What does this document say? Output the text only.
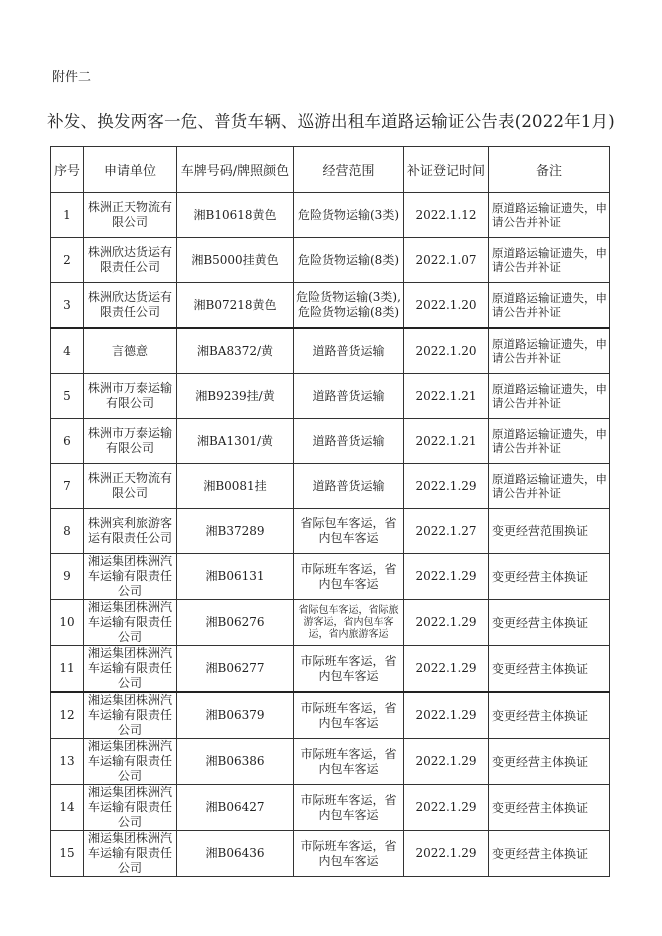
附件二
补发、换发两客一危、普货车辆、巡游出租车道路运输证公告表(2022年1月)
序号	申请单位	车牌号码/牌照颜色	经营范围	补证登记时间	备注
1	株洲正天物流有限公司	湘B10618黄色	危险货物运输(3类)	2022.1.12	原道路运输证遗失，申请公告并补证
2	株洲欣达货运有限责任公司	湘B5000挂黄色	危险货物运输(8类)	2022.1.07	原道路运输证遗失，申请公告并补证
3	株洲欣达货运有限责任公司	湘B07218黄色	危险货物运输(3类),危险货物运输(8类)	2022.1.20	原道路运输证遗失，申请公告并补证
4	言德意	湘BA8372/黄	道路普货运输	2022.1.20	原道路运输证遗失，申请公告并补证
5	株洲市万泰运输有限公司	湘B9239挂/黄	道路普货运输	2022.1.21	原道路运输证遗失，申请公告并补证
6	株洲市万泰运输有限公司	湘BA1301/黄	道路普货运输	2022.1.21	原道路运输证遗失，申请公告并补证
7	株洲正天物流有限公司	湘B0081挂	道路普货运输	2022.1.29	原道路运输证遗失，申请公告并补证
8	株洲宾利旅游客运有限责任公司	湘B37289	省际包车客运，省内包车客运	2022.1.27	变更经营范围换证
9	湘运集团株洲汽车运输有限责任公司	湘B06131	市际班车客运，省内包车客运	2022.1.29	变更经营主体换证
10	湘运集团株洲汽车运输有限责任公司	湘B06276	省际包车客运，省际旅游客运，省内包车客运，省内旅游客运	2022.1.29	变更经营主体换证
11	湘运集团株洲汽车运输有限责任公司	湘B06277	市际班车客运，省内包车客运	2022.1.29	变更经营主体换证
12	湘运集团株洲汽车运输有限责任公司	湘B06379	市际班车客运，省内包车客运	2022.1.29	变更经营主体换证
13	湘运集团株洲汽车运输有限责任公司	湘B06386	市际班车客运，省内包车客运	2022.1.29	变更经营主体换证
14	湘运集团株洲汽车运输有限责任公司	湘B06427	市际班车客运，省内包车客运	2022.1.29	变更经营主体换证
15	湘运集团株洲汽车运输有限责任公司	湘B06436	市际班车客运，省内包车客运	2022.1.29	变更经营主体换证
